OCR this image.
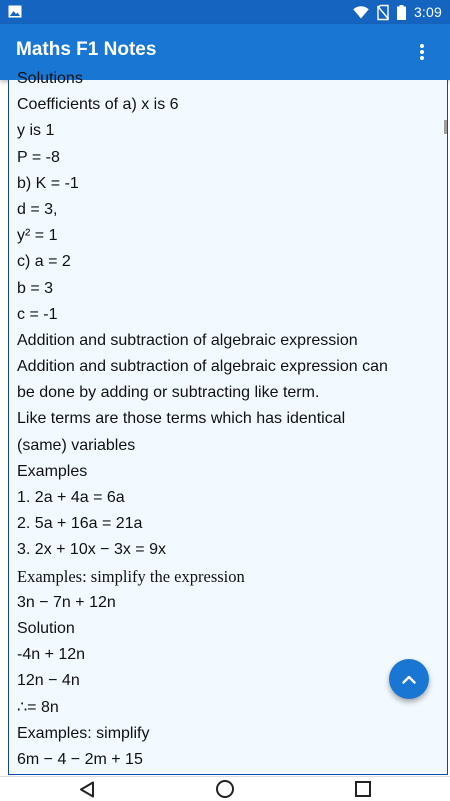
3:09
Maths F1 Notes
Solutions
Coefficients of a) x is 6
y is 1
P = -8
b) K = -1
d = 3,
y² = 1
c) a = 2
b = 3
c = -1
Addition and subtraction of algebraic expression
Addition and subtraction of algebraic expression can
be done by adding or subtracting like term.
Like terms are those terms which has identical
(same) variables
Examples
1. 2a + 4a = 6a
2. 5a + 16a = 21a
3. 2x + 10x − 3x = 9x
Examples: simplify the expression
3n − 7n + 12n
Solution
-4n + 12n
12n − 4n
∴= 8n
Examples: simplify
6m − 4 − 2m + 15
